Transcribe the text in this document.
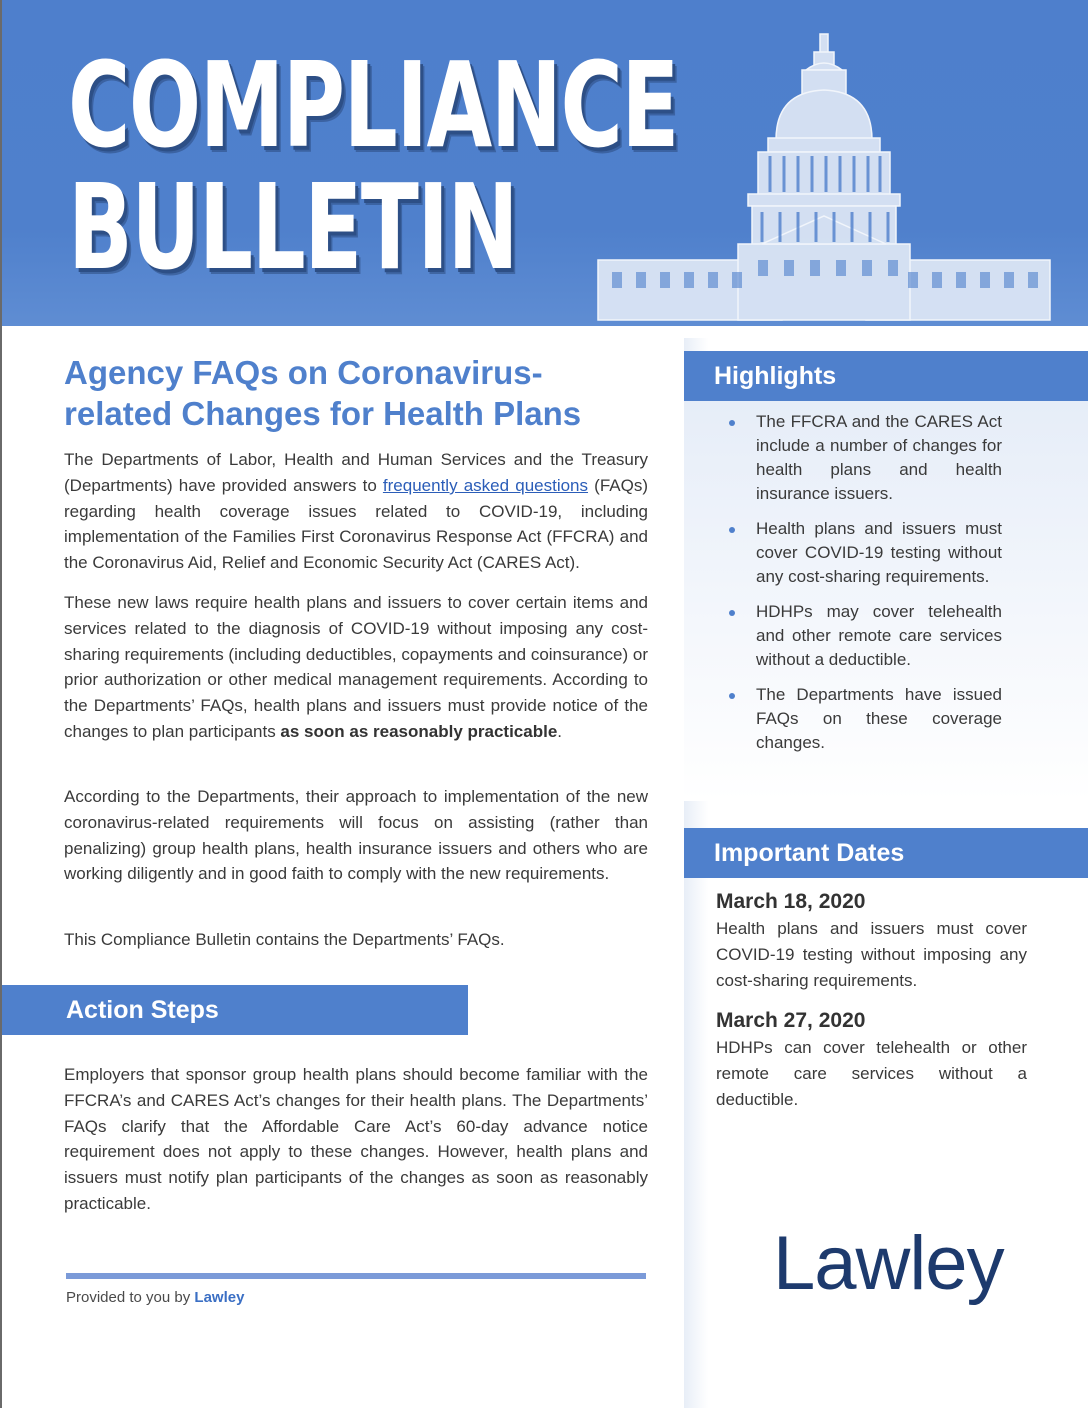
COMPLIANCE
BULLETIN
Highlights
The FFCRA and the CARES Act include a number of changes for health plans and health insurance issuers.
Health plans and issuers must cover COVID-19 testing without any cost-sharing requirements.
HDHPs may cover telehealth and other remote care services without a deductible.
The Departments have issued FAQs on these coverage changes.
Important Dates
March 18, 2020
Health plans and issuers must cover COVID-19 testing without imposing any cost-sharing requirements.
March 27, 2020
HDHPs can cover telehealth or other remote care services without a deductible.
Lawley
Agency FAQs on Coronavirus-
related Changes for Health Plans

The Departments of Labor, Health and Human Services and the Treasury (Departments) have provided answers to frequently asked questions (FAQs) regarding health coverage issues related to COVID-19, including implementation of the Families First Coronavirus Response Act (FFCRA) and the Coronavirus Aid, Relief and Economic Security Act (CARES Act).

These new laws require health plans and issuers to cover certain items and services related to the diagnosis of COVID-19 without imposing any cost-sharing requirements (including deductibles, copayments and coinsurance) or prior authorization or other medical management requirements. According to the Departments’ FAQs, health plans and issuers must provide notice of the changes to plan participants as soon as reasonably practicable.

According to the Departments, their approach to implementation of the new coronavirus-related requirements will focus on assisting (rather than penalizing) group health plans, health insurance issuers and others who are working diligently and in good faith to comply with the new requirements.

This Compliance Bulletin contains the Departments’ FAQs.

Action Steps

Employers that sponsor group health plans should become familiar with the FFCRA’s and CARES Act’s changes for their health plans. The Departments’ FAQs clarify that the Affordable Care Act’s 60-day advance notice requirement does not apply to these changes. However, health plans and issuers must notify plan participants of the changes as soon as reasonably practicable.

Provided to you by Lawley
